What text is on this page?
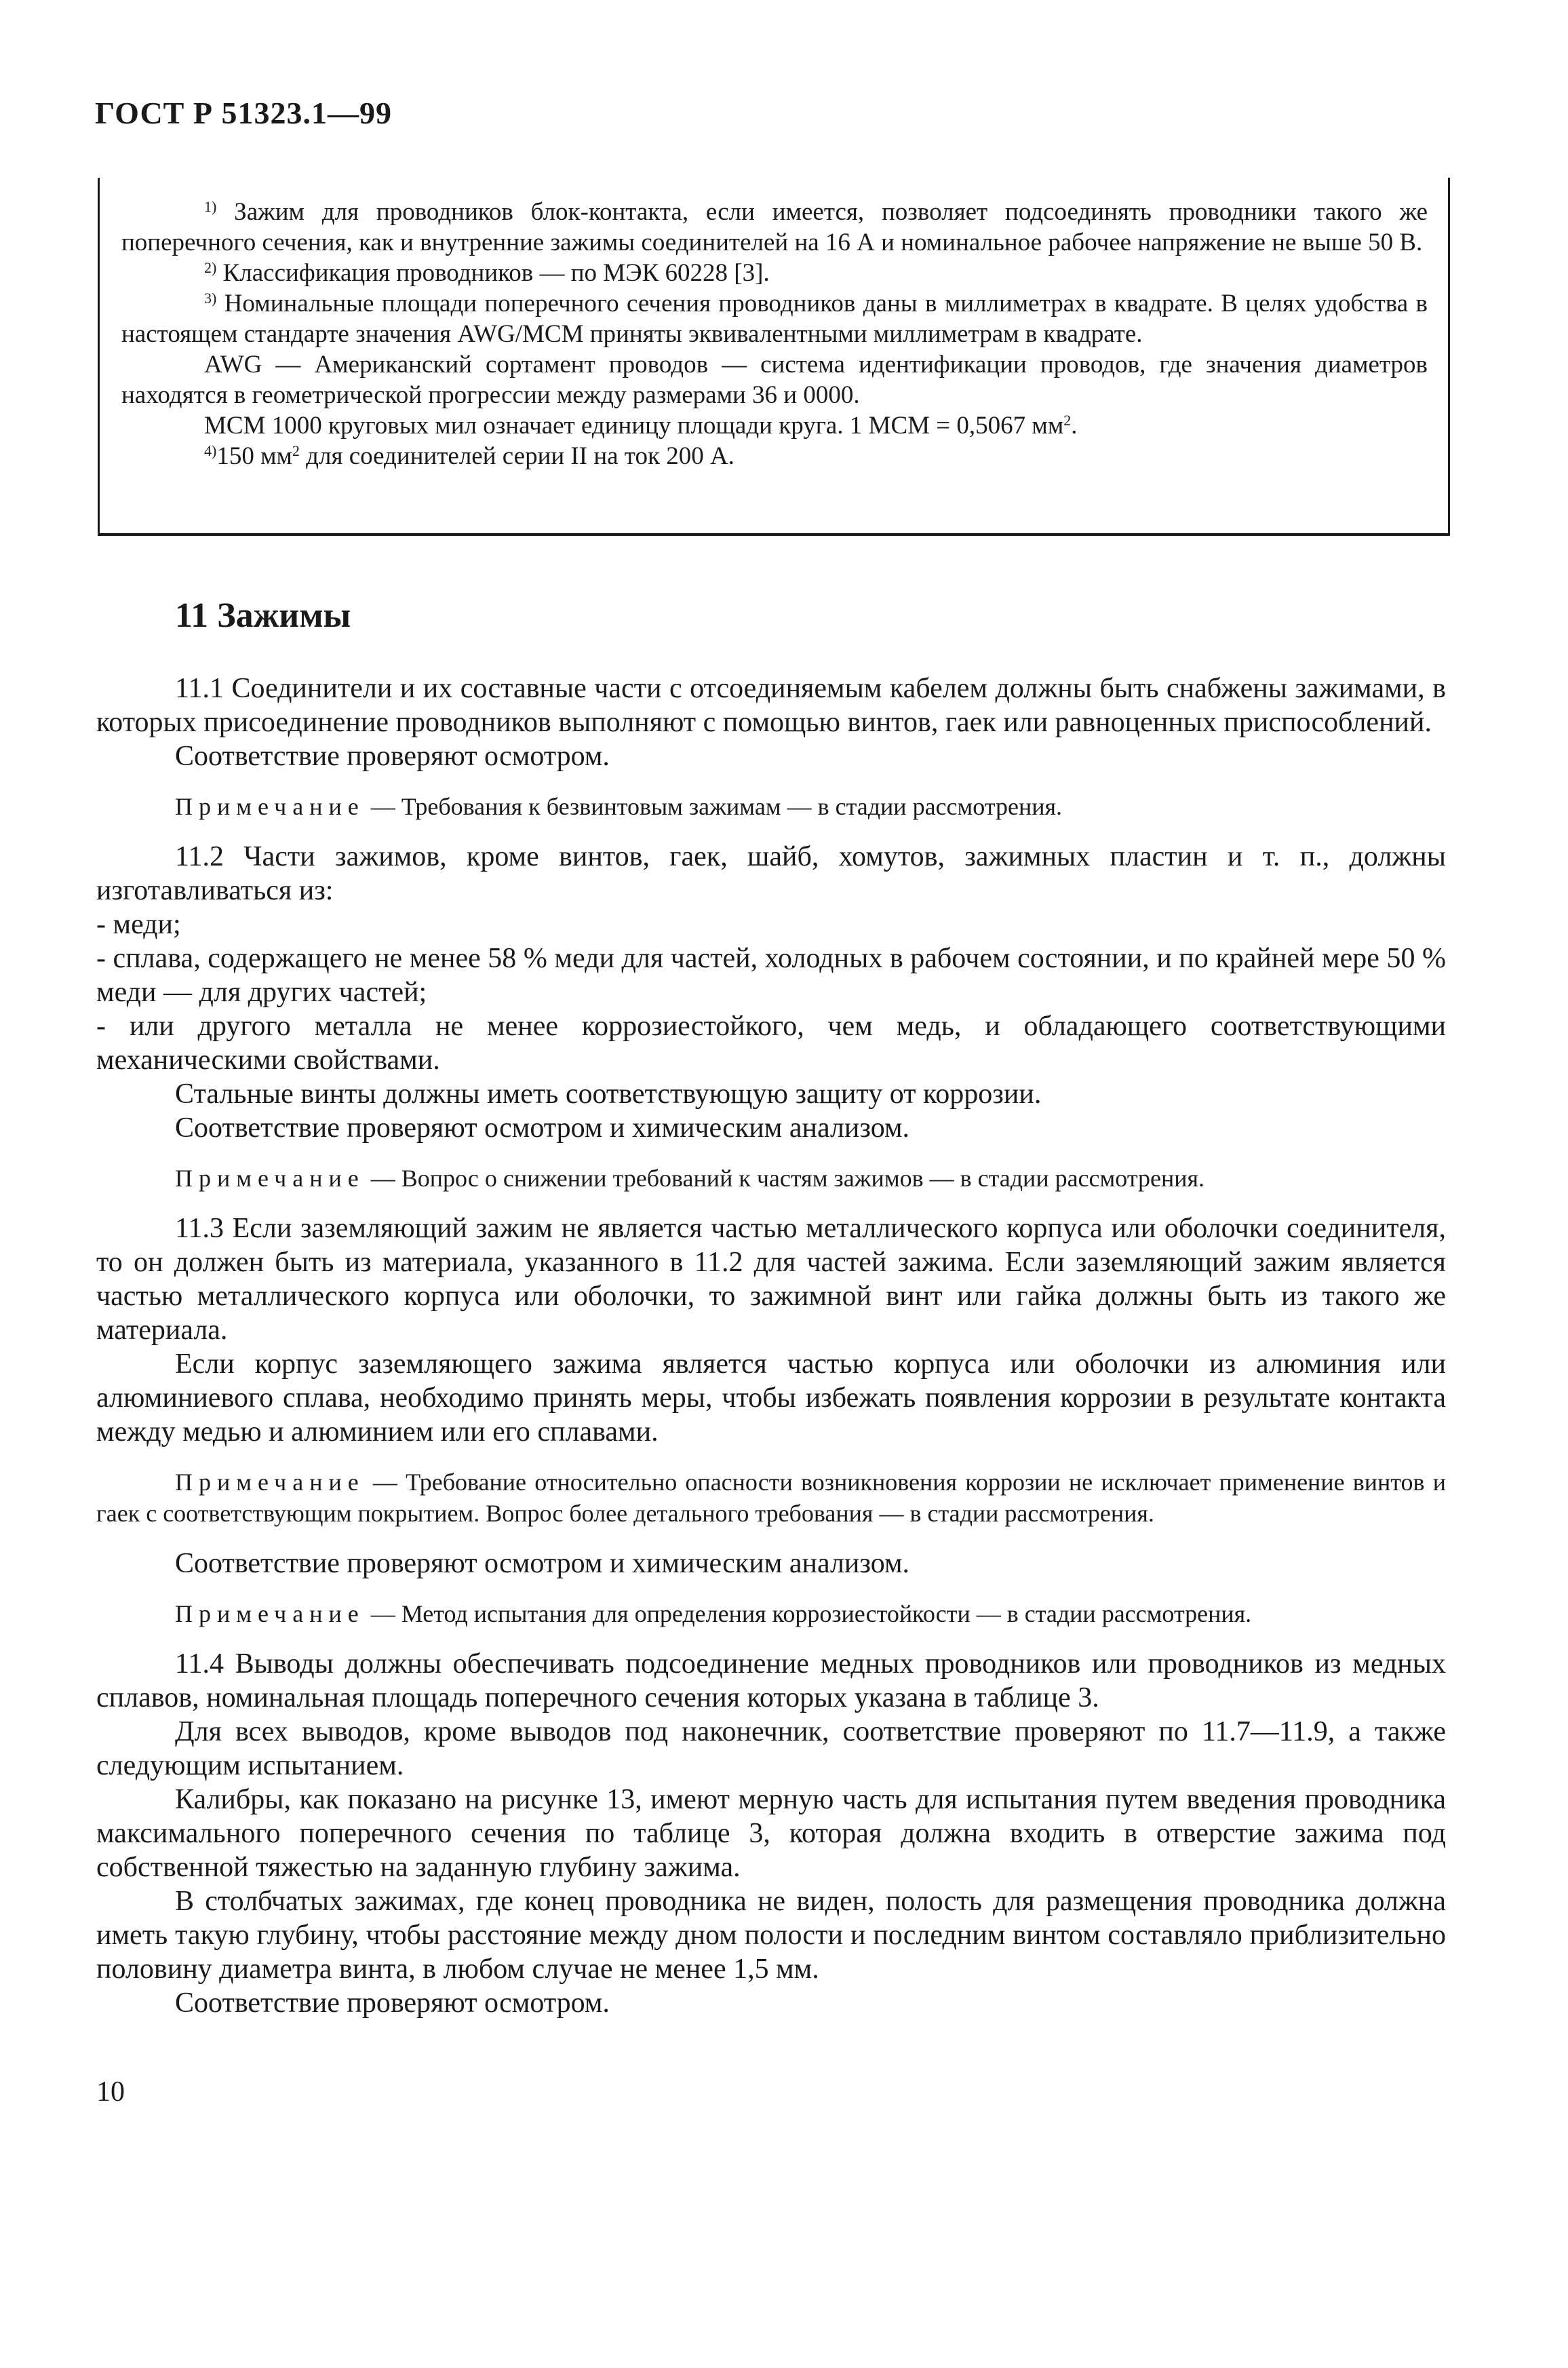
ГОСТ Р 51323.1—99

$^{1)}$ Зажим для проводников блок-контакта, если имеется, позволяет подсоединять проводники такого же поперечного сечения, как и внутренние зажимы соединителей на 16 А и номинальное рабочее напряжение не выше 50 В.

$^{2)}$ Классификация проводников — по МЭК 60228 [3].

$^{3)}$ Номинальные площади поперечного сечения проводников даны в миллиметрах в квадрате. В целях удобства в настоящем стандарте значения AWG/MCM приняты эквивалентными миллиметрам в квадрате.

AWG — Американский сортамент проводов — система идентификации проводов, где значения диаметров находятся в геометрической прогрессии между размерами 36 и 0000.

MCM 1000 круговых мил означает единицу площади круга. 1 MCM = 0,5067 $мм^2$.

$^{4)}$150 $мм^2$ для соединителей серии II на ток 200 А.

11 Зажимы

11.1 Соединители и их составные части с отсоединяемым кабелем должны быть снабжены зажимами, в которых присоединение проводников выполняют с помощью винтов, гаек или равноценных приспособлений.

Соответствие проверяют осмотром.

Примечание — Требования к безвинтовым зажимам — в стадии рассмотрения.

11.2 Части зажимов, кроме винтов, гаек, шайб, хомутов, зажимных пластин и т. п., должны изготавливаться из:

- меди;

- сплава, содержащего не менее 58 % меди для частей, холодных в рабочем состоянии, и по крайней мере 50 % меди — для других частей;

- или другого металла не менее коррозиестойкого, чем медь, и обладающего соответствующими механическими свойствами.

Стальные винты должны иметь соответствующую защиту от коррозии.

Соответствие проверяют осмотром и химическим анализом.

Примечание — Вопрос о снижении требований к частям зажимов — в стадии рассмотрения.

11.3 Если заземляющий зажим не является частью металлического корпуса или оболочки соединителя, то он должен быть из материала, указанного в 11.2 для частей зажима. Если заземляющий зажим является частью металлического корпуса или оболочки, то зажимной винт или гайка должны быть из такого же материала.

Если корпус заземляющего зажима является частью корпуса или оболочки из алюминия или алюминиевого сплава, необходимо принять меры, чтобы избежать появления коррозии в результате контакта между медью и алюминием или его сплавами.

Примечание — Требование относительно опасности возникновения коррозии не исключает применение винтов и гаек с соответствующим покрытием. Вопрос более детального требования — в стадии рассмотрения.

Соответствие проверяют осмотром и химическим анализом.

Примечание — Метод испытания для определения коррозиестойкости — в стадии рассмотрения.

11.4 Выводы должны обеспечивать подсоединение медных проводников или проводников из медных сплавов, номинальная площадь поперечного сечения которых указана в таблице 3.

Для всех выводов, кроме выводов под наконечник, соответствие проверяют по 11.7—11.9, а также следующим испытанием.

Калибры, как показано на рисунке 13, имеют мерную часть для испытания путем введения проводника максимального поперечного сечения по таблице 3, которая должна входить в отверстие зажима под собственной тяжестью на заданную глубину зажима.

В столбчатых зажимах, где конец проводника не виден, полость для размещения проводника должна иметь такую глубину, чтобы расстояние между дном полости и последним винтом составляло приблизительно половину диаметра винта, в любом случае не менее 1,5 мм.

Соответствие проверяют осмотром.

10
